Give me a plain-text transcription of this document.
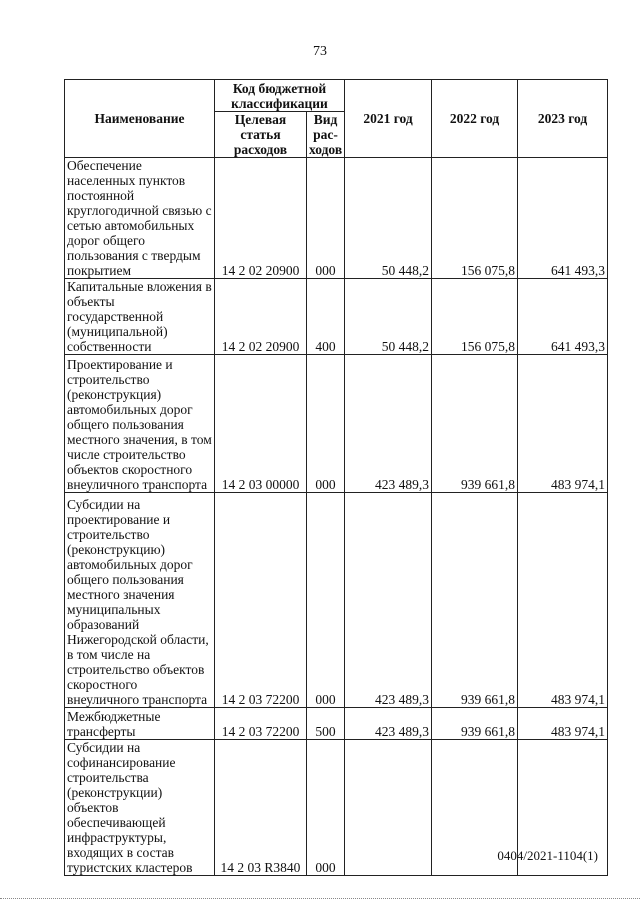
73
Наименование	Код бюджетной классификации		2021 год	2022 год	2023 год
	Целевая статья расходов	Вид рас-ходов			
Обеспечение населенных пунктов постоянной круглогодичной связью с сетью автомобильных дорог общего пользования с твердым покрытием	14 2 02 20900	000	50 448,2	156 075,8	641 493,3
Капитальные вложения в объекты государственной (муниципальной) собственности	14 2 02 20900	400	50 448,2	156 075,8	641 493,3
Проектирование и строительство (реконструкция) автомобильных дорог общего пользования местного значения, в том числе строительство объектов скоростного внеуличного транспорта	14 2 03 00000	000	423 489,3	939 661,8	483 974,1
Субсидии на проектирование и строительство (реконструкцию) автомобильных дорог общего пользования местного значения муниципальных образований Нижегородской области, в том числе на строительство объектов скоростного внеуличного транспорта	14 2 03 72200	000	423 489,3	939 661,8	483 974,1
Межбюджетные трансферты	14 2 03 72200	500	423 489,3	939 661,8	483 974,1
Субсидии на софинансирование строительства (реконструкции) объектов обеспечивающей инфраструктуры, входящих в состав туристских кластеров	14 2 03 R3840	000			
0404/2021-1104(1)
